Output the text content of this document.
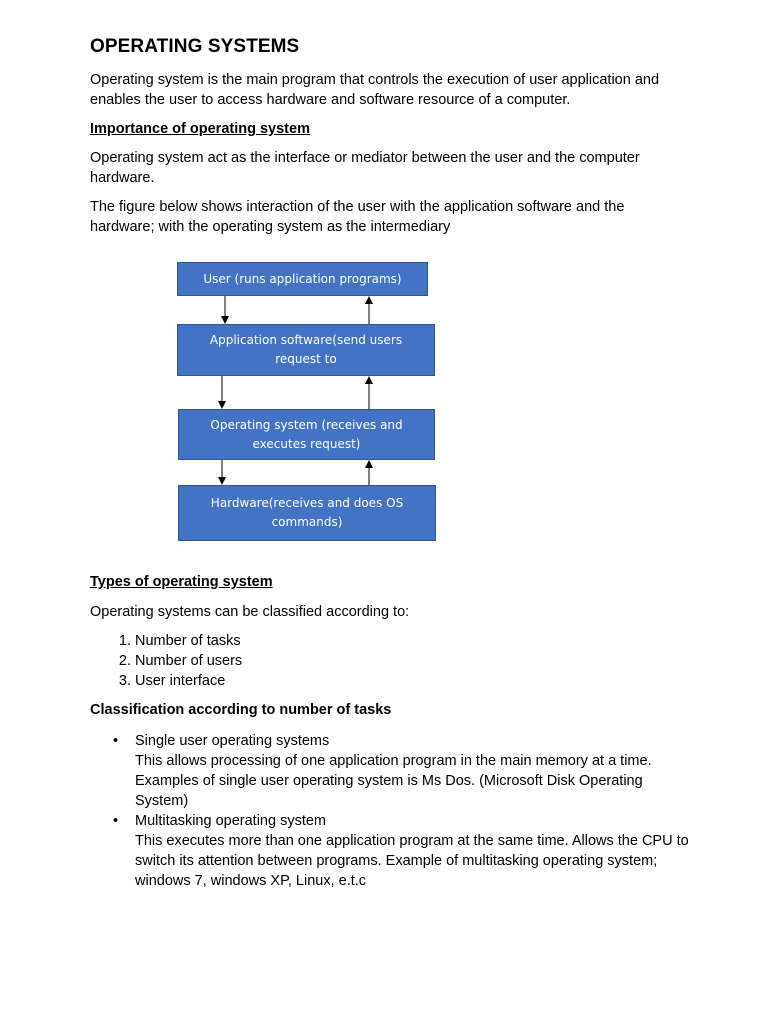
OPERATING SYSTEMS

Operating system is the main program that controls the execution of user application and enables the user to access hardware and software resource of a computer.

Importance of operating system

Operating system act as the interface or mediator between the user and the computer hardware.

The figure below shows interaction of the user with the application software and the hardware; with the operating system as the intermediary

User (runs application programs)
Application software(send users request to
Operating system (receives and executes request)
Hardware(receives and does OS commands)

Types of operating system

Operating systems can be classified according to:

1. Number of tasks
2. Number of users
3. User interface

Classification according to number of tasks

• Single user operating systems
This allows processing of one application program in the main memory at a time. Examples of single user operating system is Ms Dos. (Microsoft Disk Operating System)
• Multitasking operating system
This executes more than one application program at the same time. Allows the CPU to switch its attention between programs. Example of multitasking operating system; windows 7, windows XP, Linux, e.t.c
